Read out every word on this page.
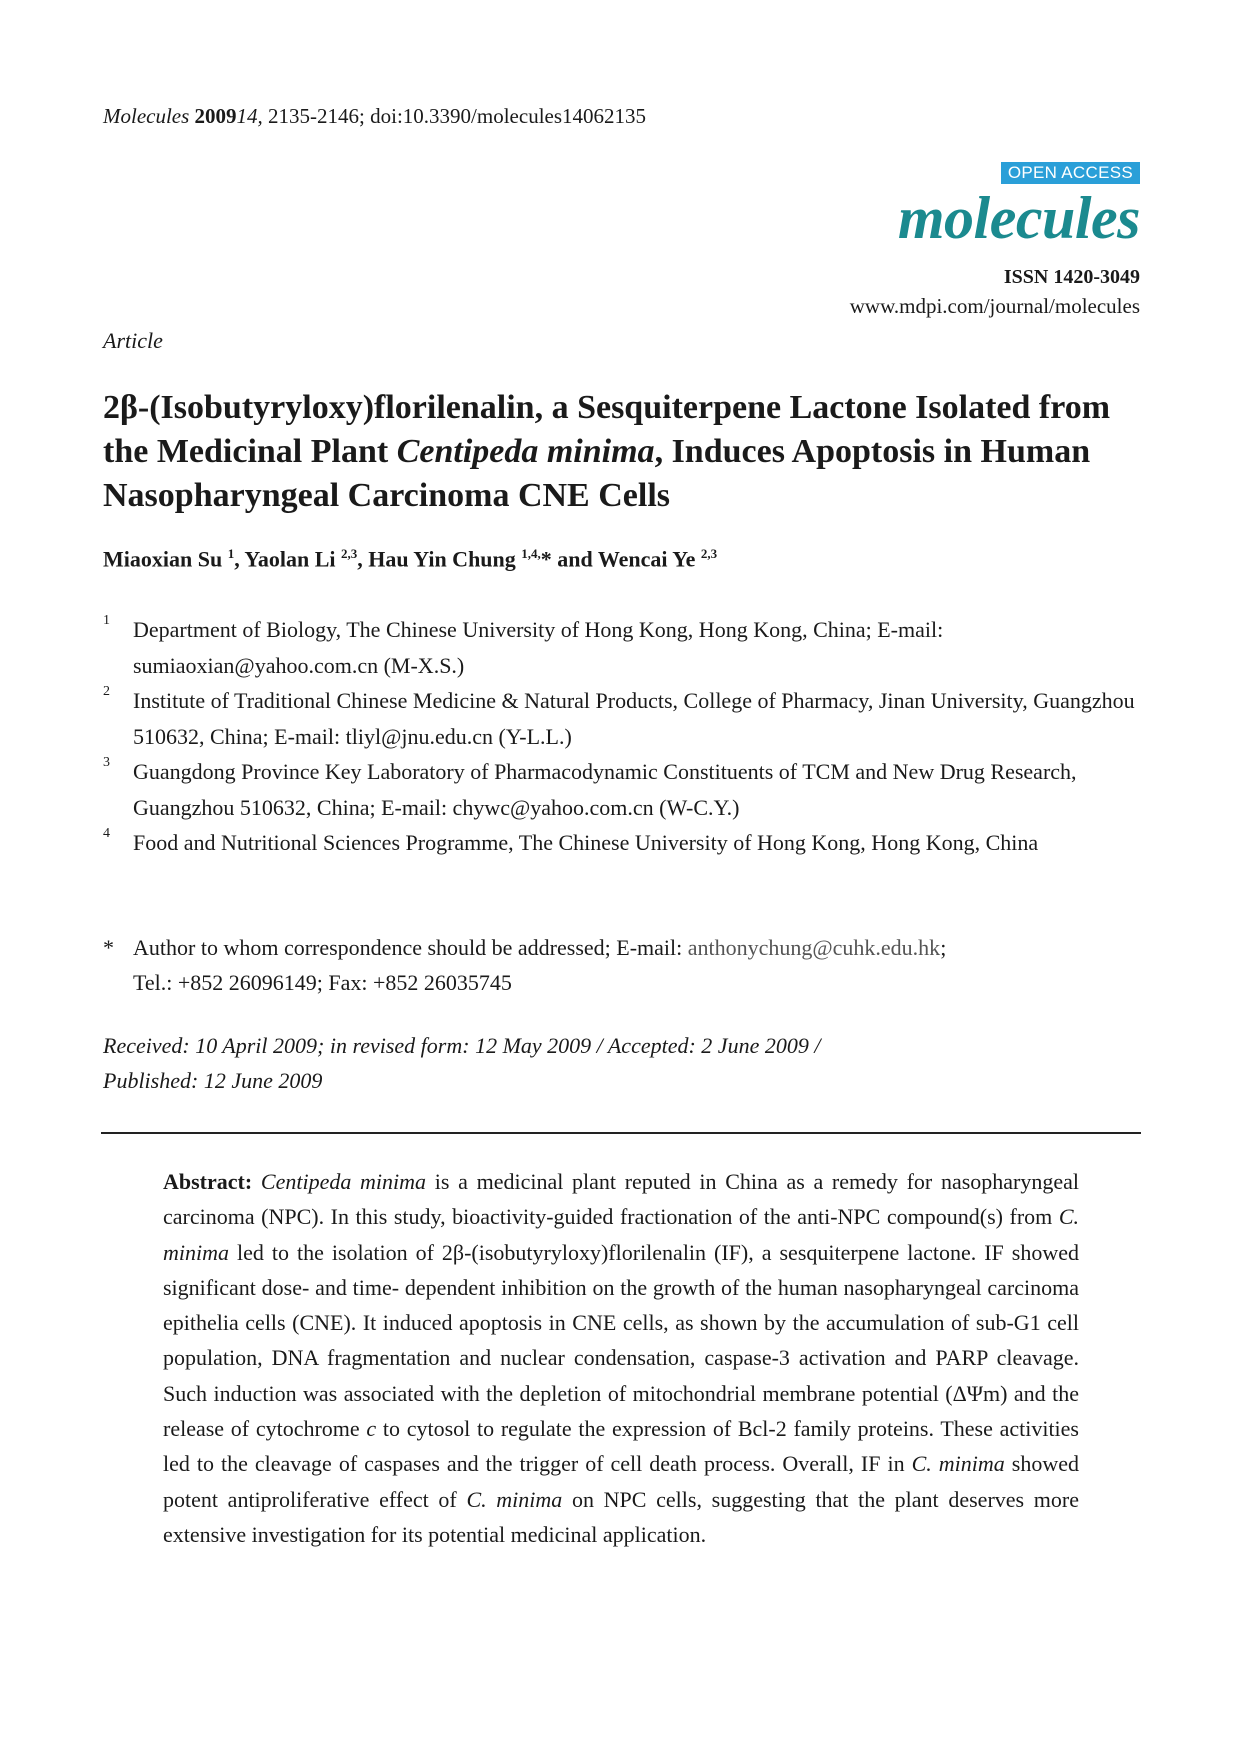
Molecules 200914, 2135-2146; doi:10.3390/molecules14062135
OPEN ACCESS
molecules
ISSN 1420-3049
www.mdpi.com/journal/molecules
Article
2β-(Isobutyryloxy)florilenalin, a Sesquiterpene Lactone Isolated from the Medicinal Plant Centipeda minima, Induces Apoptosis in Human Nasopharyngeal Carcinoma CNE Cells
Miaoxian Su $^1$, Yaolan Li $^{2,3}$, Hau Yin Chung $^{1,4,}$* and Wencai Ye $^{2,3}$
1 Department of Biology, The Chinese University of Hong Kong, Hong Kong, China; E-mail: sumiaoxian@yahoo.com.cn (M-X.S.)
2 Institute of Traditional Chinese Medicine & Natural Products, College of Pharmacy, Jinan University, Guangzhou 510632, China; E-mail: tliyl@jnu.edu.cn (Y-L.L.)
3 Guangdong Province Key Laboratory of Pharmacodynamic Constituents of TCM and New Drug Research, Guangzhou 510632, China; E-mail: chywc@yahoo.com.cn (W-C.Y.)
4 Food and Nutritional Sciences Programme, The Chinese University of Hong Kong, Hong Kong, China
* Author to whom correspondence should be addressed; E-mail: anthonychung@cuhk.edu.hk;
Tel.: +852 26096149; Fax: +852 26035745
Received: 10 April 2009; in revised form: 12 May 2009 / Accepted: 2 June 2009 /
Published: 12 June 2009
Abstract: Centipeda minima is a medicinal plant reputed in China as a remedy for nasopharyngeal carcinoma (NPC). In this study, bioactivity-guided fractionation of the anti-NPC compound(s) from C. minima led to the isolation of 2β-(isobutyryloxy)florilenalin (IF), a sesquiterpene lactone. IF showed significant dose- and time- dependent inhibition on the growth of the human nasopharyngeal carcinoma epithelia cells (CNE). It induced apoptosis in CNE cells, as shown by the accumulation of sub-G1 cell population, DNA fragmentation and nuclear condensation, caspase-3 activation and PARP cleavage. Such induction was associated with the depletion of mitochondrial membrane potential (ΔΨm) and the release of cytochrome c to cytosol to regulate the expression of Bcl-2 family proteins. These activities led to the cleavage of caspases and the trigger of cell death process. Overall, IF in C. minima showed potent antiproliferative effect of C. minima on NPC cells, suggesting that the plant deserves more extensive investigation for its potential medicinal application.
